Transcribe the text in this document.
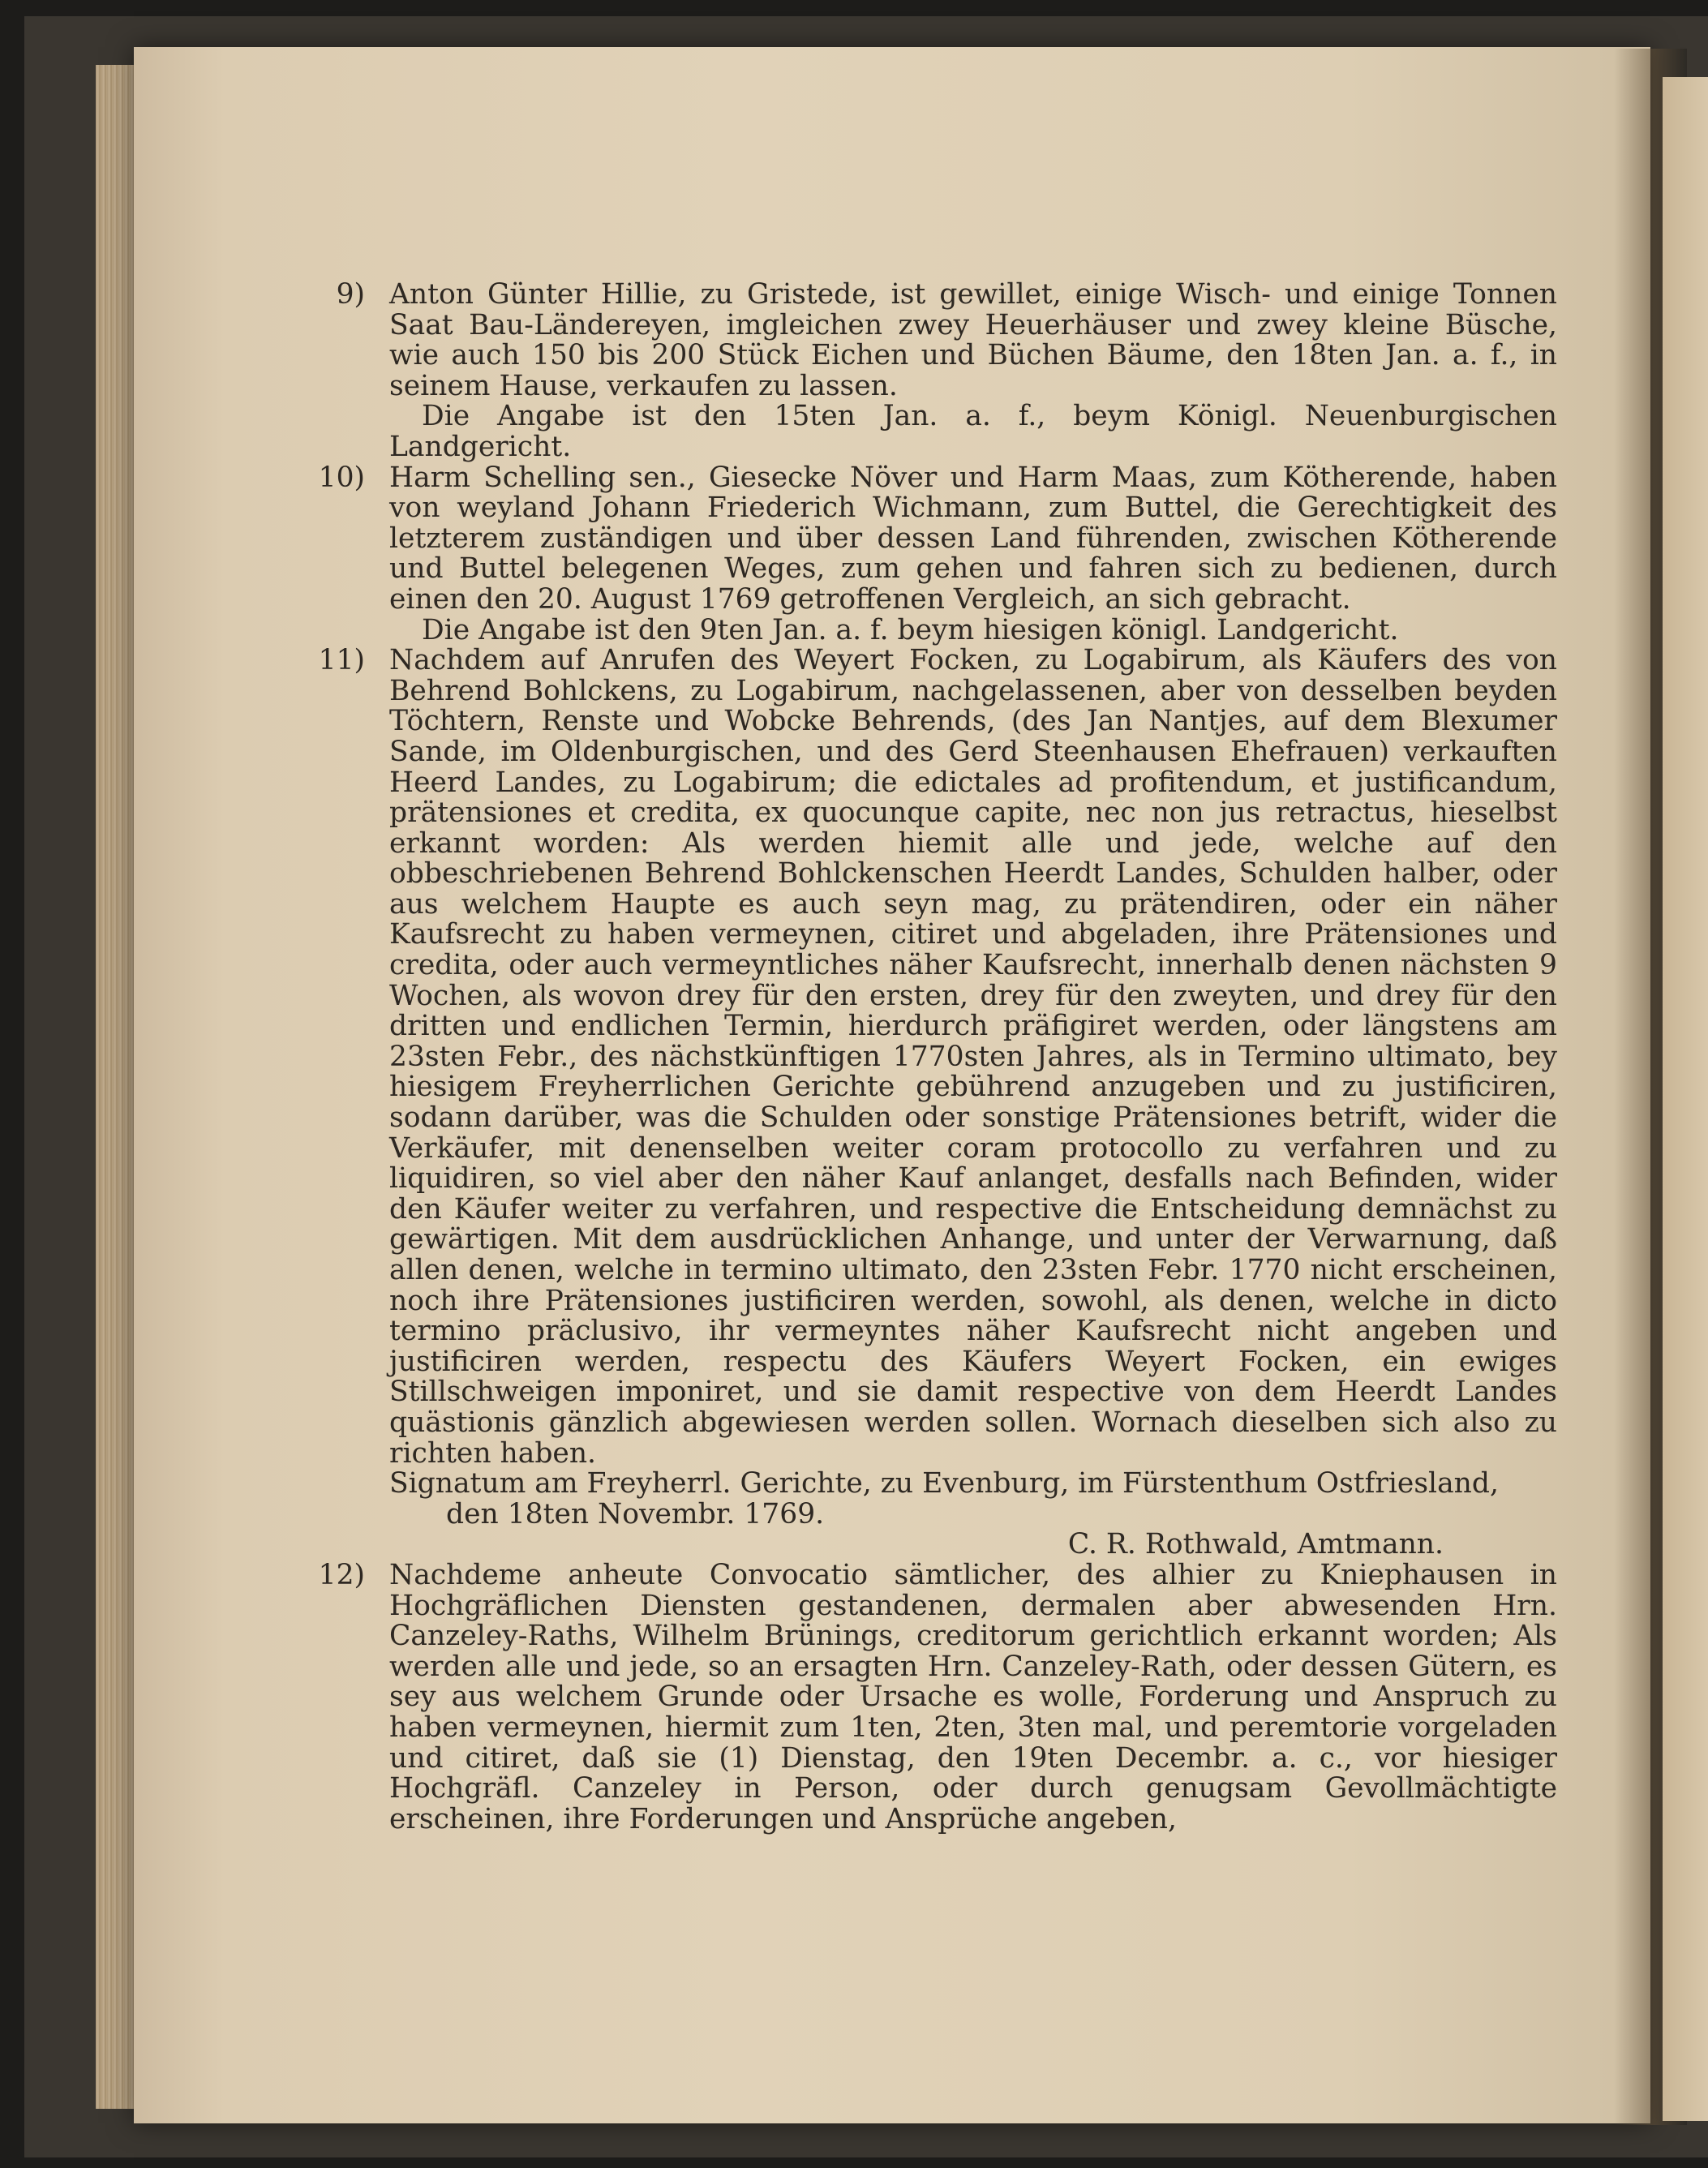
9) Anton Günter Hillie, zu Gristede, ist gewillet, einige Wisch- und einige Tonnen Saat Bau-Ländereyen, imgleichen zwey Heuerhäuser und zwey kleine Büsche, wie auch 150 bis 200 Stück Eichen und Büchen Bäume, den 18ten Jan. a. f., in seinem Hause, verkaufen zu lassen.

Die Angabe ist den 15ten Jan. a. f., beym Königl. Neuenburgischen Landgericht.

10) Harm Schelling sen., Giesecke Növer und Harm Maas, zum Kötherende, haben von weyland Johann Friederich Wichmann, zum Buttel, die Gerechtigkeit des letzterem zuständigen und über dessen Land führenden, zwischen Kötherende und Buttel belegenen Weges, zum gehen und fahren sich zu bedienen, durch einen den 20. August 1769 getroffenen Vergleich, an sich gebracht.

Die Angabe ist den 9ten Jan. a. f. beym hiesigen königl. Landgericht.

11) Nachdem auf Anrufen des Weyert Focken, zu Logabirum, als Käufers des von Behrend Bohlckens, zu Logabirum, nachgelassenen, aber von desselben beyden Töchtern, Renste und Wobcke Behrends, (des Jan Nantjes, auf dem Blexumer Sande, im Oldenburgischen, und des Gerd Steenhausen Ehefrauen) verkauften Heerd Landes, zu Logabirum; die edictales ad profitendum, et justificandum, prätensiones et credita, ex quocunque capite, nec non jus retractus, hieselbst erkannt worden: Als werden hiemit alle und jede, welche auf den obbeschriebenen Behrend Bohlckenschen Heerdt Landes, Schulden halber, oder aus welchem Haupte es auch seyn mag, zu prätendiren, oder ein näher Kaufsrecht zu haben vermeynen, citiret und abgeladen, ihre Prätensiones und credita, oder auch vermeyntliches näher Kaufsrecht, innerhalb denen nächsten 9 Wochen, als wovon drey für den ersten, drey für den zweyten, und drey für den dritten und endlichen Termin, hierdurch präfigiret werden, oder längstens am 23sten Febr., des nächstkünftigen 1770sten Jahres, als in Termino ultimato, bey hiesigem Freyherrlichen Gerichte gebührend anzugeben und zu justificiren, sodann darüber, was die Schulden oder sonstige Prätensiones betrift, wider die Verkäufer, mit denenselben weiter coram protocollo zu verfahren und zu liquidiren, so viel aber den näher Kauf anlanget, desfalls nach Befinden, wider den Käufer weiter zu verfahren, und respective die Entscheidung demnächst zu gewärtigen. Mit dem ausdrücklichen Anhange, und unter der Verwarnung, daß allen denen, welche in termino ultimato, den 23sten Febr. 1770 nicht erscheinen, noch ihre Prätensiones justificiren werden, sowohl, als denen, welche in dicto termino präclusivo, ihr vermeyntes näher Kaufsrecht nicht angeben und justificiren werden, respectu des Käufers Weyert Focken, ein ewiges Stillschweigen imponiret, und sie damit respective von dem Heerdt Landes quästionis gänzlich abgewiesen werden sollen. Wornach dieselben sich also zu richten haben.

Signatum am Freyherrl. Gerichte, zu Evenburg, im Fürstenthum Ostfriesland,

den 18ten Novembr. 1769.

C. R. Rothwald, Amtmann.

12) Nachdeme anheute Convocatio sämtlicher, des alhier zu Kniephausen in Hochgräflichen Diensten gestandenen, dermalen aber abwesenden Hrn. Canzeley-Raths, Wilhelm Brünings, creditorum gerichtlich erkannt worden; Als werden alle und jede, so an ersagten Hrn. Canzeley-Rath, oder dessen Gütern, es sey aus welchem Grunde oder Ursache es wolle, Forderung und Anspruch zu haben vermeynen, hiermit zum 1ten, 2ten, 3ten mal, und peremtorie vorgeladen und citiret, daß sie (1) Dienstag, den 19ten Decembr. a. c., vor hiesiger Hochgräfl. Canzeley in Person, oder durch genugsam Gevollmächtigte erscheinen, ihre Forderungen und Ansprüche angeben,
